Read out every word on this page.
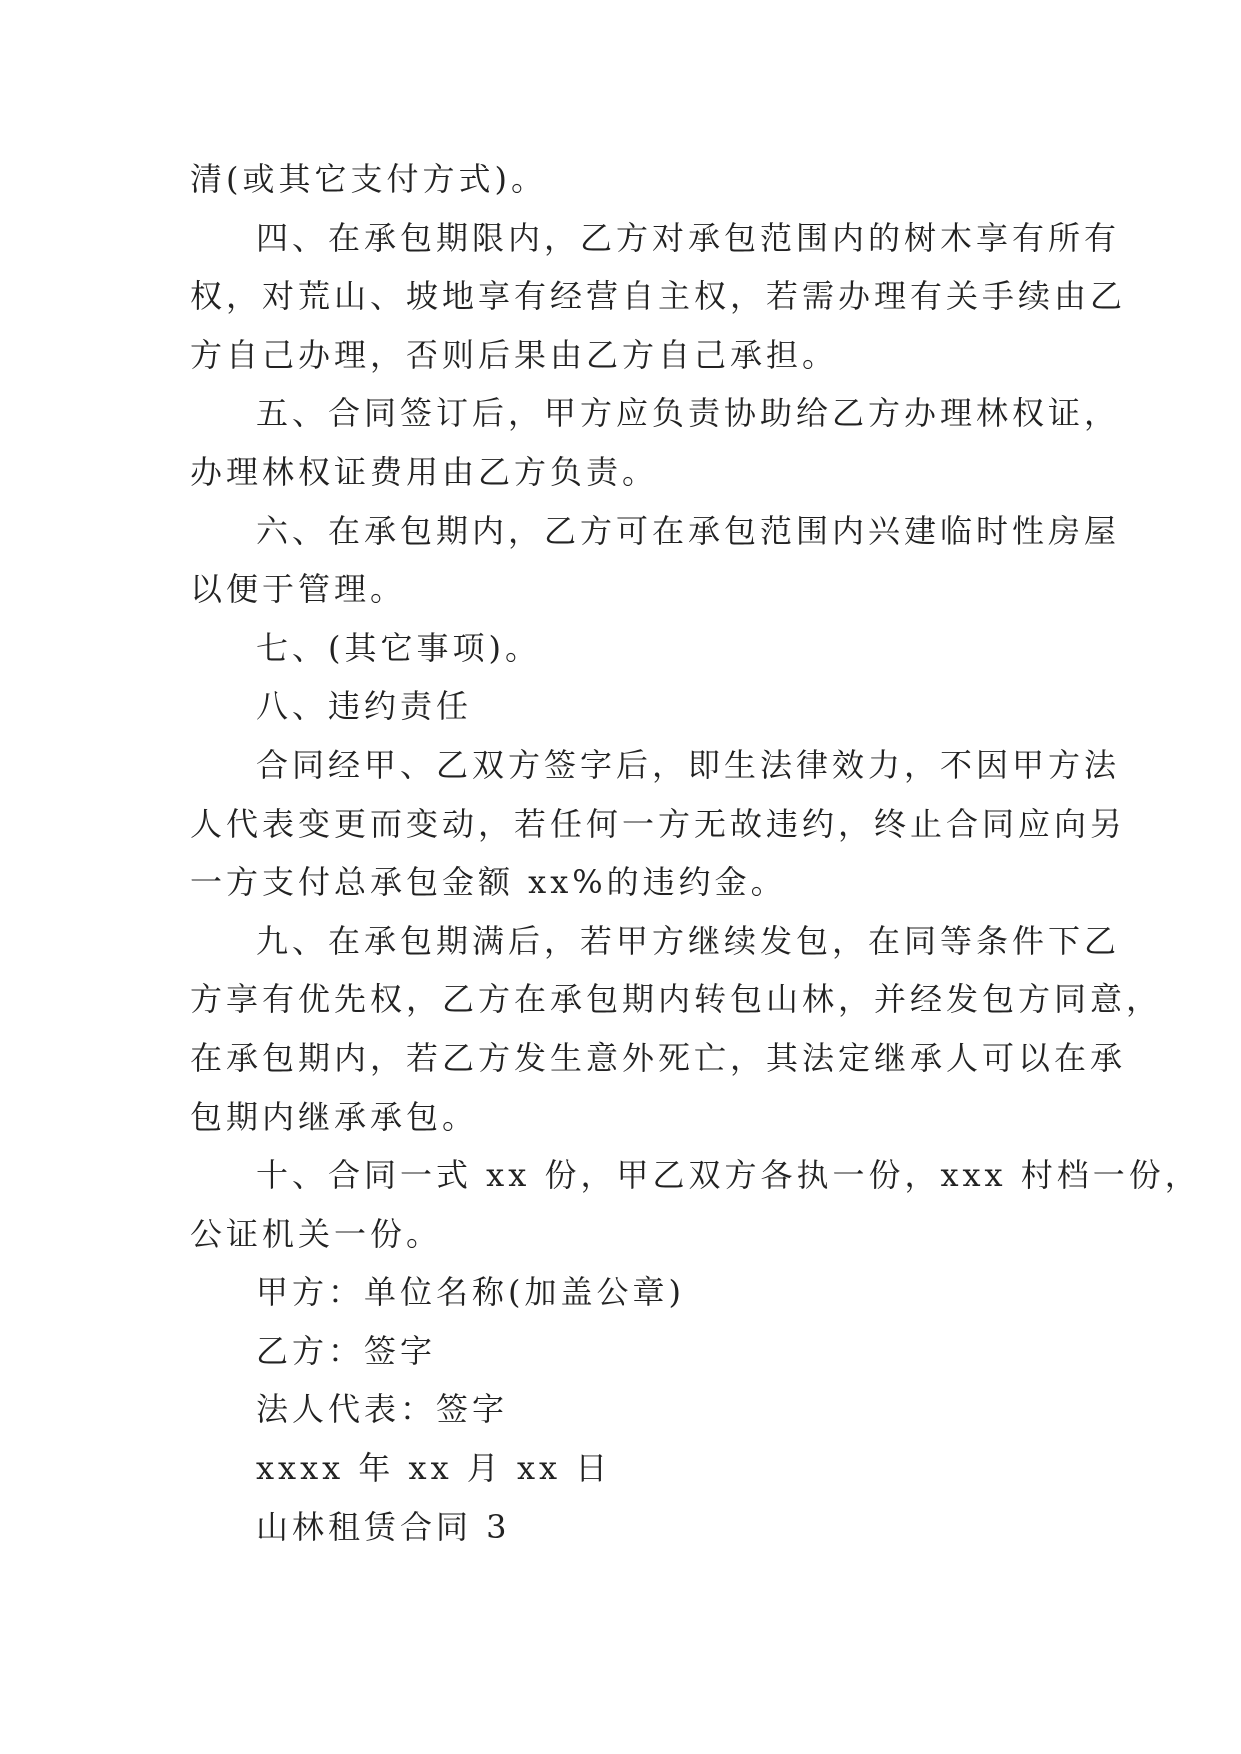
清(或其它支付方式)。

四、在承包期限内，乙方对承包范围内的树木享有所有
权，对荒山、坡地享有经营自主权，若需办理有关手续由乙
方自己办理，否则后果由乙方自己承担。

五、合同签订后，甲方应负责协助给乙方办理林权证，
办理林权证费用由乙方负责。

六、在承包期内，乙方可在承包范围内兴建临时性房屋
以便于管理。

七、(其它事项)。

八、违约责任

合同经甲、乙双方签字后，即生法律效力，不因甲方法
人代表变更而变动，若任何一方无故违约，终止合同应向另
一方支付总承包金额 xx%的违约金。

九、在承包期满后，若甲方继续发包，在同等条件下乙
方享有优先权，乙方在承包期内转包山林，并经发包方同意，
在承包期内，若乙方发生意外死亡，其法定继承人可以在承
包期内继承承包。

十、合同一式 xx 份，甲乙双方各执一份，xxx 村档一份，
公证机关一份。

甲方：单位名称(加盖公章)

乙方：签字

法人代表：签字

xxxx 年 xx 月 xx 日

山林租赁合同 3
